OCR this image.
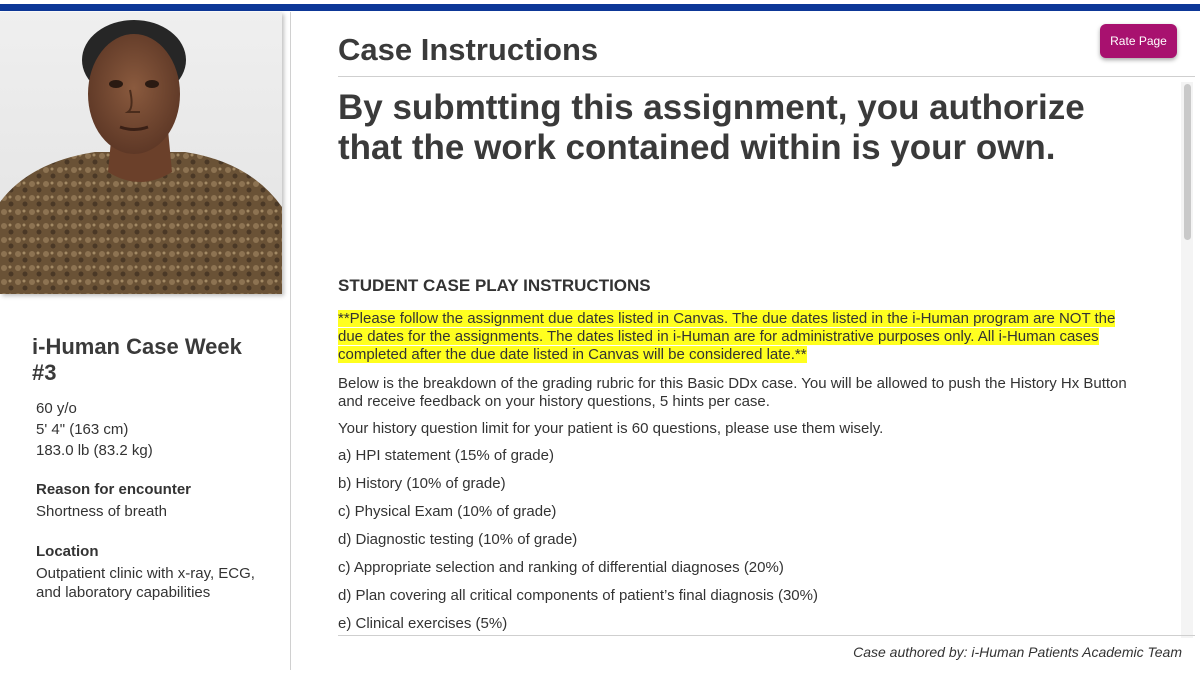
i-Human Case Week #3
60 y/o
5' 4" (163 cm)
183.0 lb (83.2 kg)
Reason for encounter
Shortness of breath
Location
Outpatient clinic with x-ray, ECG, and laboratory capabilities
Case Instructions	Rate Page

By submtting this assignment, you authorize that the work contained within is your own.

STUDENT CASE PLAY INSTRUCTIONS
**Please follow the assignment due dates listed in Canvas. The due dates listed in the i-Human program are NOT the due dates for the assignments. The dates listed in i-Human are for administrative purposes only. All i-Human cases completed after the due date listed in Canvas will be considered late.**
Below is the breakdown of the grading rubric for this Basic DDx case. You will be allowed to push the History Hx Button and receive feedback on your history questions, 5 hints per case.
Your history question limit for your patient is 60 questions, please use them wisely.
a) HPI statement (15% of grade)
b) History (10% of grade)
c) Physical Exam (10% of grade)
d) Diagnostic testing (10% of grade)
c) Appropriate selection and ranking of differential diagnoses (20%)
d) Plan covering all critical components of patient’s final diagnosis (30%)
e) Clinical exercises (5%)
Case authored by: i-Human Patients Academic Team
